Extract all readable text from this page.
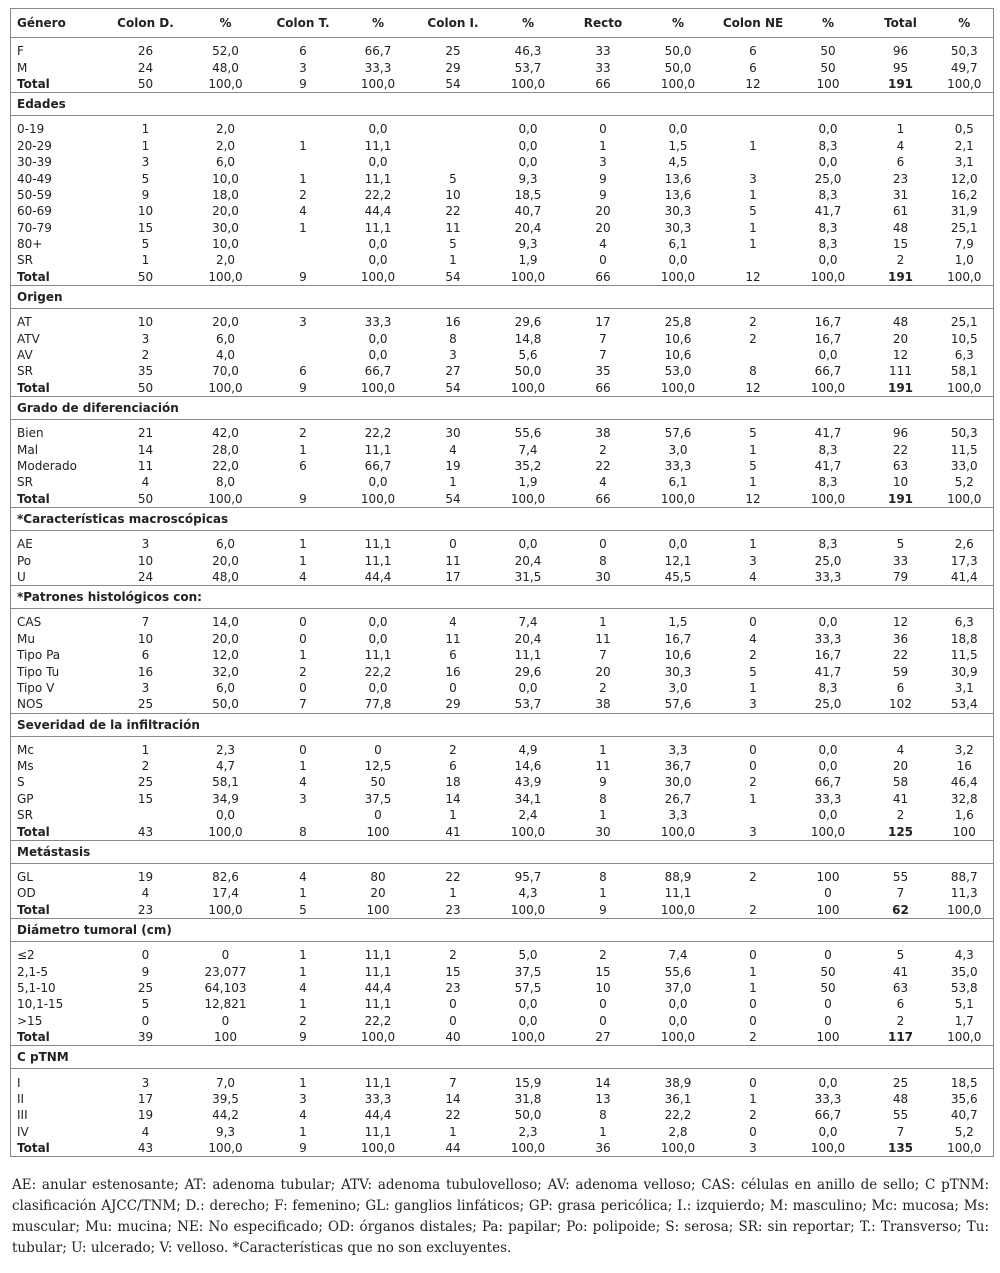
Género	Colon D.	%	Colon T.	%	Colon I.	%	Recto	%	Colon NE	%	Total	%
F	26	52,0	6	66,7	25	46,3	33	50,0	6	50	96	50,3
M	24	48,0	3	33,3	29	53,7	33	50,0	6	50	95	49,7
Total	50	100,0	9	100,0	54	100,0	66	100,0	12	100	191	100,0
Edades												
0-19	1	2,0		0,0		0,0	0	0,0		0,0	1	0,5
20-29	1	2,0	1	11,1		0,0	1	1,5	1	8,3	4	2,1
30-39	3	6,0		0,0		0,0	3	4,5		0,0	6	3,1
40-49	5	10,0	1	11,1	5	9,3	9	13,6	3	25,0	23	12,0
50-59	9	18,0	2	22,2	10	18,5	9	13,6	1	8,3	31	16,2
60-69	10	20,0	4	44,4	22	40,7	20	30,3	5	41,7	61	31,9
70-79	15	30,0	1	11,1	11	20,4	20	30,3	1	8,3	48	25,1
80+	5	10,0		0,0	5	9,3	4	6,1	1	8,3	15	7,9
SR	1	2,0		0,0	1	1,9	0	0,0		0,0	2	1,0
Total	50	100,0	9	100,0	54	100,0	66	100,0	12	100,0	191	100,0
Origen												
AT	10	20,0	3	33,3	16	29,6	17	25,8	2	16,7	48	25,1
ATV	3	6,0		0,0	8	14,8	7	10,6	2	16,7	20	10,5
AV	2	4,0		0,0	3	5,6	7	10,6		0,0	12	6,3
SR	35	70,0	6	66,7	27	50,0	35	53,0	8	66,7	111	58,1
Total	50	100,0	9	100,0	54	100,0	66	100,0	12	100,0	191	100,0
Grado de diferenciación												
Bien	21	42,0	2	22,2	30	55,6	38	57,6	5	41,7	96	50,3
Mal	14	28,0	1	11,1	4	7,4	2	3,0	1	8,3	22	11,5
Moderado	11	22,0	6	66,7	19	35,2	22	33,3	5	41,7	63	33,0
SR	4	8,0		0,0	1	1,9	4	6,1	1	8,3	10	5,2
Total	50	100,0	9	100,0	54	100,0	66	100,0	12	100,0	191	100,0
*Características macroscópicas												
AE	3	6,0	1	11,1	0	0,0	0	0,0	1	8,3	5	2,6
Po	10	20,0	1	11,1	11	20,4	8	12,1	3	25,0	33	17,3
U	24	48,0	4	44,4	17	31,5	30	45,5	4	33,3	79	41,4
*Patrones histológicos con:												
CAS	7	14,0	0	0,0	4	7,4	1	1,5	0	0,0	12	6,3
Mu	10	20,0	0	0,0	11	20,4	11	16,7	4	33,3	36	18,8
Tipo Pa	6	12,0	1	11,1	6	11,1	7	10,6	2	16,7	22	11,5
Tipo Tu	16	32,0	2	22,2	16	29,6	20	30,3	5	41,7	59	30,9
Tipo V	3	6,0	0	0,0	0	0,0	2	3,0	1	8,3	6	3,1
NOS	25	50,0	7	77,8	29	53,7	38	57,6	3	25,0	102	53,4
Severidad de la infiltración												
Mc	1	2,3	0	0	2	4,9	1	3,3	0	0,0	4	3,2
Ms	2	4,7	1	12,5	6	14,6	11	36,7	0	0,0	20	16
S	25	58,1	4	50	18	43,9	9	30,0	2	66,7	58	46,4
GP	15	34,9	3	37,5	14	34,1	8	26,7	1	33,3	41	32,8
SR		0,0		0	1	2,4	1	3,3		0,0	2	1,6
Total	43	100,0	8	100	41	100,0	30	100,0	3	100,0	125	100
Metástasis												
GL	19	82,6	4	80	22	95,7	8	88,9	2	100	55	88,7
OD	4	17,4	1	20	1	4,3	1	11,1		0	7	11,3
Total	23	100,0	5	100	23	100,0	9	100,0	2	100	62	100,0
Diámetro tumoral (cm)												
≤2	0	0	1	11,1	2	5,0	2	7,4	0	0	5	4,3
2,1-5	9	23,077	1	11,1	15	37,5	15	55,6	1	50	41	35,0
5,1-10	25	64,103	4	44,4	23	57,5	10	37,0	1	50	63	53,8
10,1-15	5	12,821	1	11,1	0	0,0	0	0,0	0	0	6	5,1
>15	0	0	2	22,2	0	0,0	0	0,0	0	0	2	1,7
Total	39	100	9	100,0	40	100,0	27	100,0	2	100	117	100,0
C pTNM												
I	3	7,0	1	11,1	7	15,9	14	38,9	0	0,0	25	18,5
II	17	39,5	3	33,3	14	31,8	13	36,1	1	33,3	48	35,6
III	19	44,2	4	44,4	22	50,0	8	22,2	2	66,7	55	40,7
IV	4	9,3	1	11,1	1	2,3	1	2,8	0	0,0	7	5,2
Total	43	100,0	9	100,0	44	100,0	36	100,0	3	100,0	135	100,0
AE: anular estenosante; AT: adenoma tubular; ATV: adenoma tubulovelloso; AV: adenoma velloso; CAS: células en anillo de sello; C pTNM: clasificación AJCC/TNM; D.: derecho; F: femenino; GL: ganglios linfáticos; GP: grasa pericólica; I.: izquierdo; M: masculino; Mc: mucosa; Ms: muscular; Mu: mucina; NE: No especificado; OD: órganos distales; Pa: papilar; Po: polipoide; S: serosa; SR: sin reportar; T.: Transverso; Tu: tubular; U: ulcerado; V: velloso. *Características que no son excluyentes.
